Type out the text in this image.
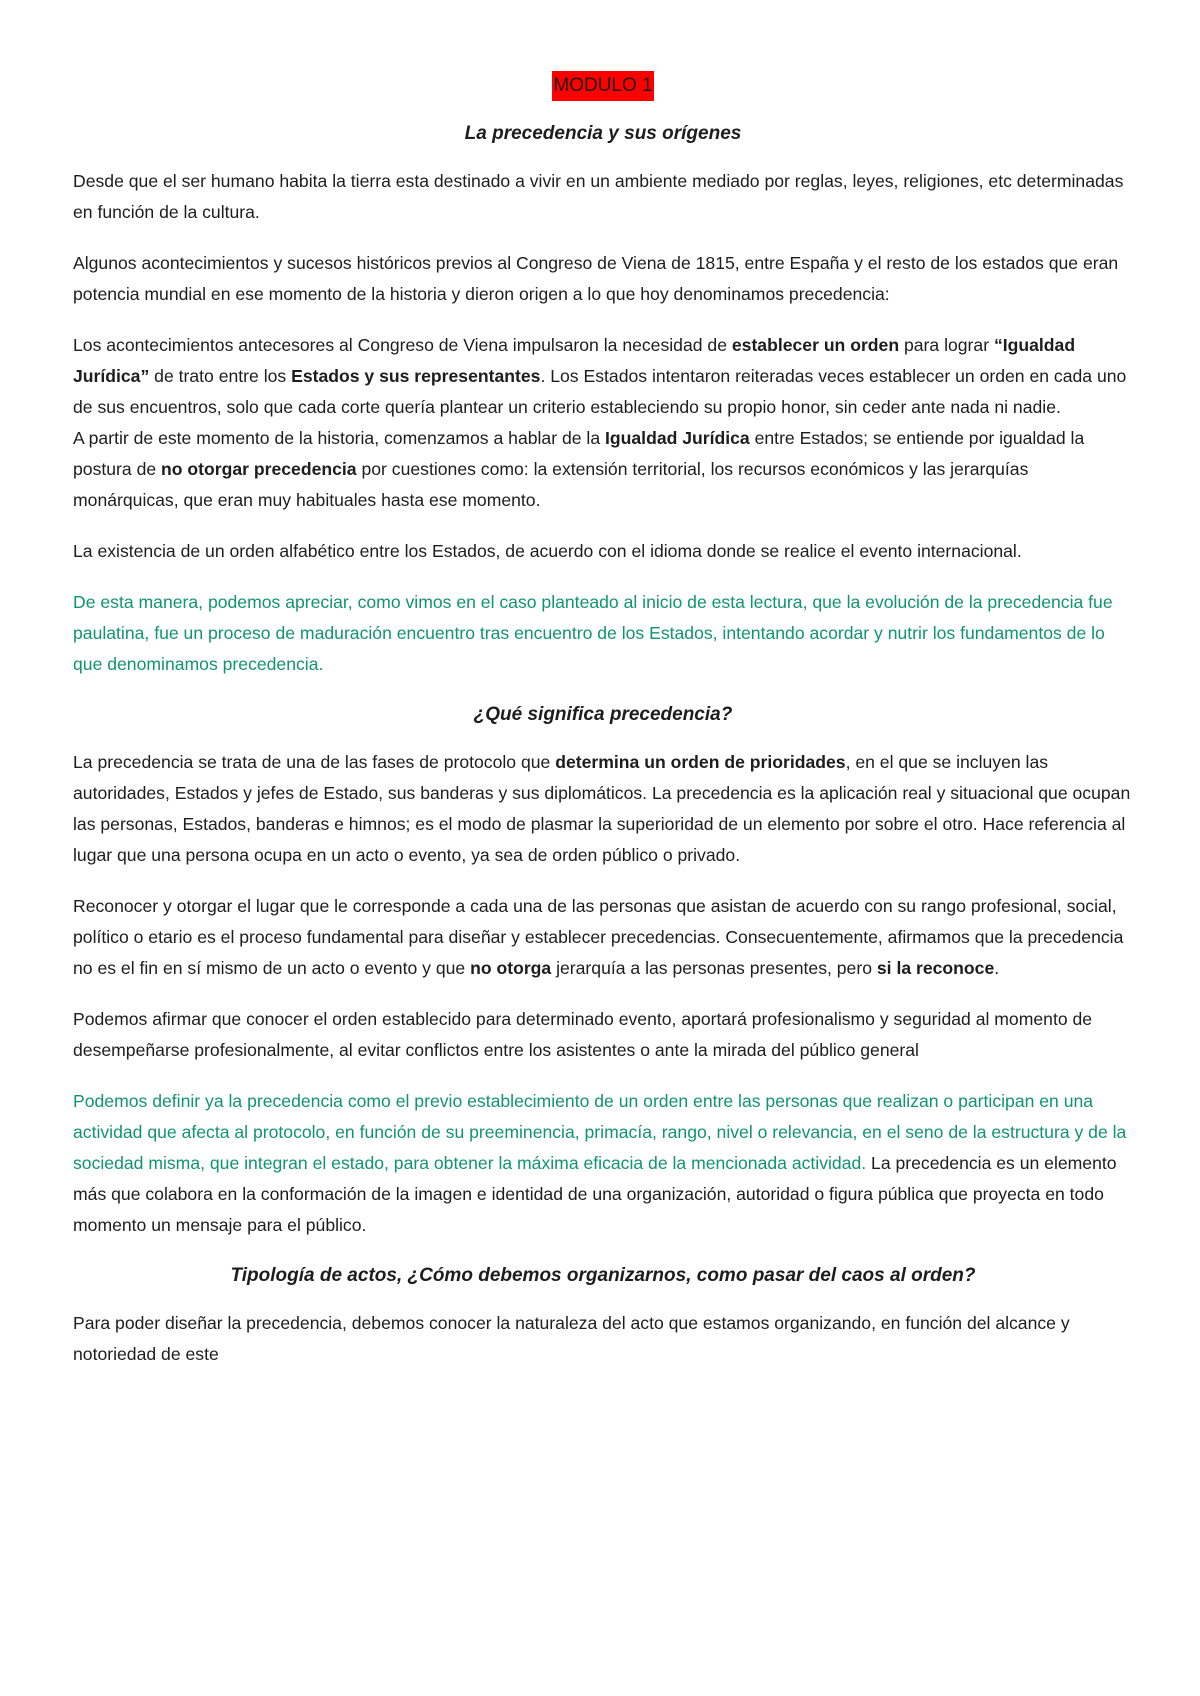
MODULO 1
La precedencia y sus orígenes

Desde que el ser humano habita la tierra esta destinado a vivir en un ambiente mediado por reglas, leyes, religiones, etc determinadas en función de la cultura.

Algunos acontecimientos y sucesos históricos previos al Congreso de Viena de 1815, entre España y el resto de los estados que eran potencia mundial en ese momento de la historia y dieron origen a lo que hoy denominamos precedencia:

Los acontecimientos antecesores al Congreso de Viena impulsaron la necesidad de establecer un orden para lograr “Igualdad Jurídica” de trato entre los Estados y sus representantes. Los Estados intentaron reiteradas veces establecer un orden en cada uno de sus encuentros, solo que cada corte quería plantear un criterio estableciendo su propio honor, sin ceder ante nada ni nadie.

A partir de este momento de la historia, comenzamos a hablar de la Igualdad Jurídica entre Estados; se entiende por igualdad la postura de no otorgar precedencia por cuestiones como: la extensión territorial, los recursos económicos y las jerarquías monárquicas, que eran muy habituales hasta ese momento.

La existencia de un orden alfabético entre los Estados, de acuerdo con el idioma donde se realice el evento internacional.

De esta manera, podemos apreciar, como vimos en el caso planteado al inicio de esta lectura, que la evolución de la precedencia fue paulatina, fue un proceso de maduración encuentro tras encuentro de los Estados, intentando acordar y nutrir los fundamentos de lo que denominamos precedencia.

¿Qué significa precedencia?

La precedencia se trata de una de las fases de protocolo que determina un orden de prioridades, en el que se incluyen las autoridades, Estados y jefes de Estado, sus banderas y sus diplomáticos. La precedencia es la aplicación real y situacional que ocupan las personas, Estados, banderas e himnos; es el modo de plasmar la superioridad de un elemento por sobre el otro. Hace referencia al lugar que una persona ocupa en un acto o evento, ya sea de orden público o privado.

Reconocer y otorgar el lugar que le corresponde a cada una de las personas que asistan de acuerdo con su rango profesional, social, político o etario es el proceso fundamental para diseñar y establecer precedencias. Consecuentemente, afirmamos que la precedencia no es el fin en sí mismo de un acto o evento y que no otorga jerarquía a las personas presentes, pero si la reconoce.

Podemos afirmar que conocer el orden establecido para determinado evento, aportará profesionalismo y seguridad al momento de desempeñarse profesionalmente, al evitar conflictos entre los asistentes o ante la mirada del público general

Podemos definir ya la precedencia como el previo establecimiento de un orden entre las personas que realizan o participan en una actividad que afecta al protocolo, en función de su preeminencia, primacía, rango, nivel o relevancia, en el seno de la estructura y de la sociedad misma, que integran el estado, para obtener la máxima eficacia de la mencionada actividad. La precedencia es un elemento más que colabora en la conformación de la imagen e identidad de una organización, autoridad o figura pública que proyecta en todo momento un mensaje para el público.

Tipología de actos, ¿Cómo debemos organizarnos, como pasar del caos al orden?

Para poder diseñar la precedencia, debemos conocer la naturaleza del acto que estamos organizando, en función del alcance y notoriedad de este
